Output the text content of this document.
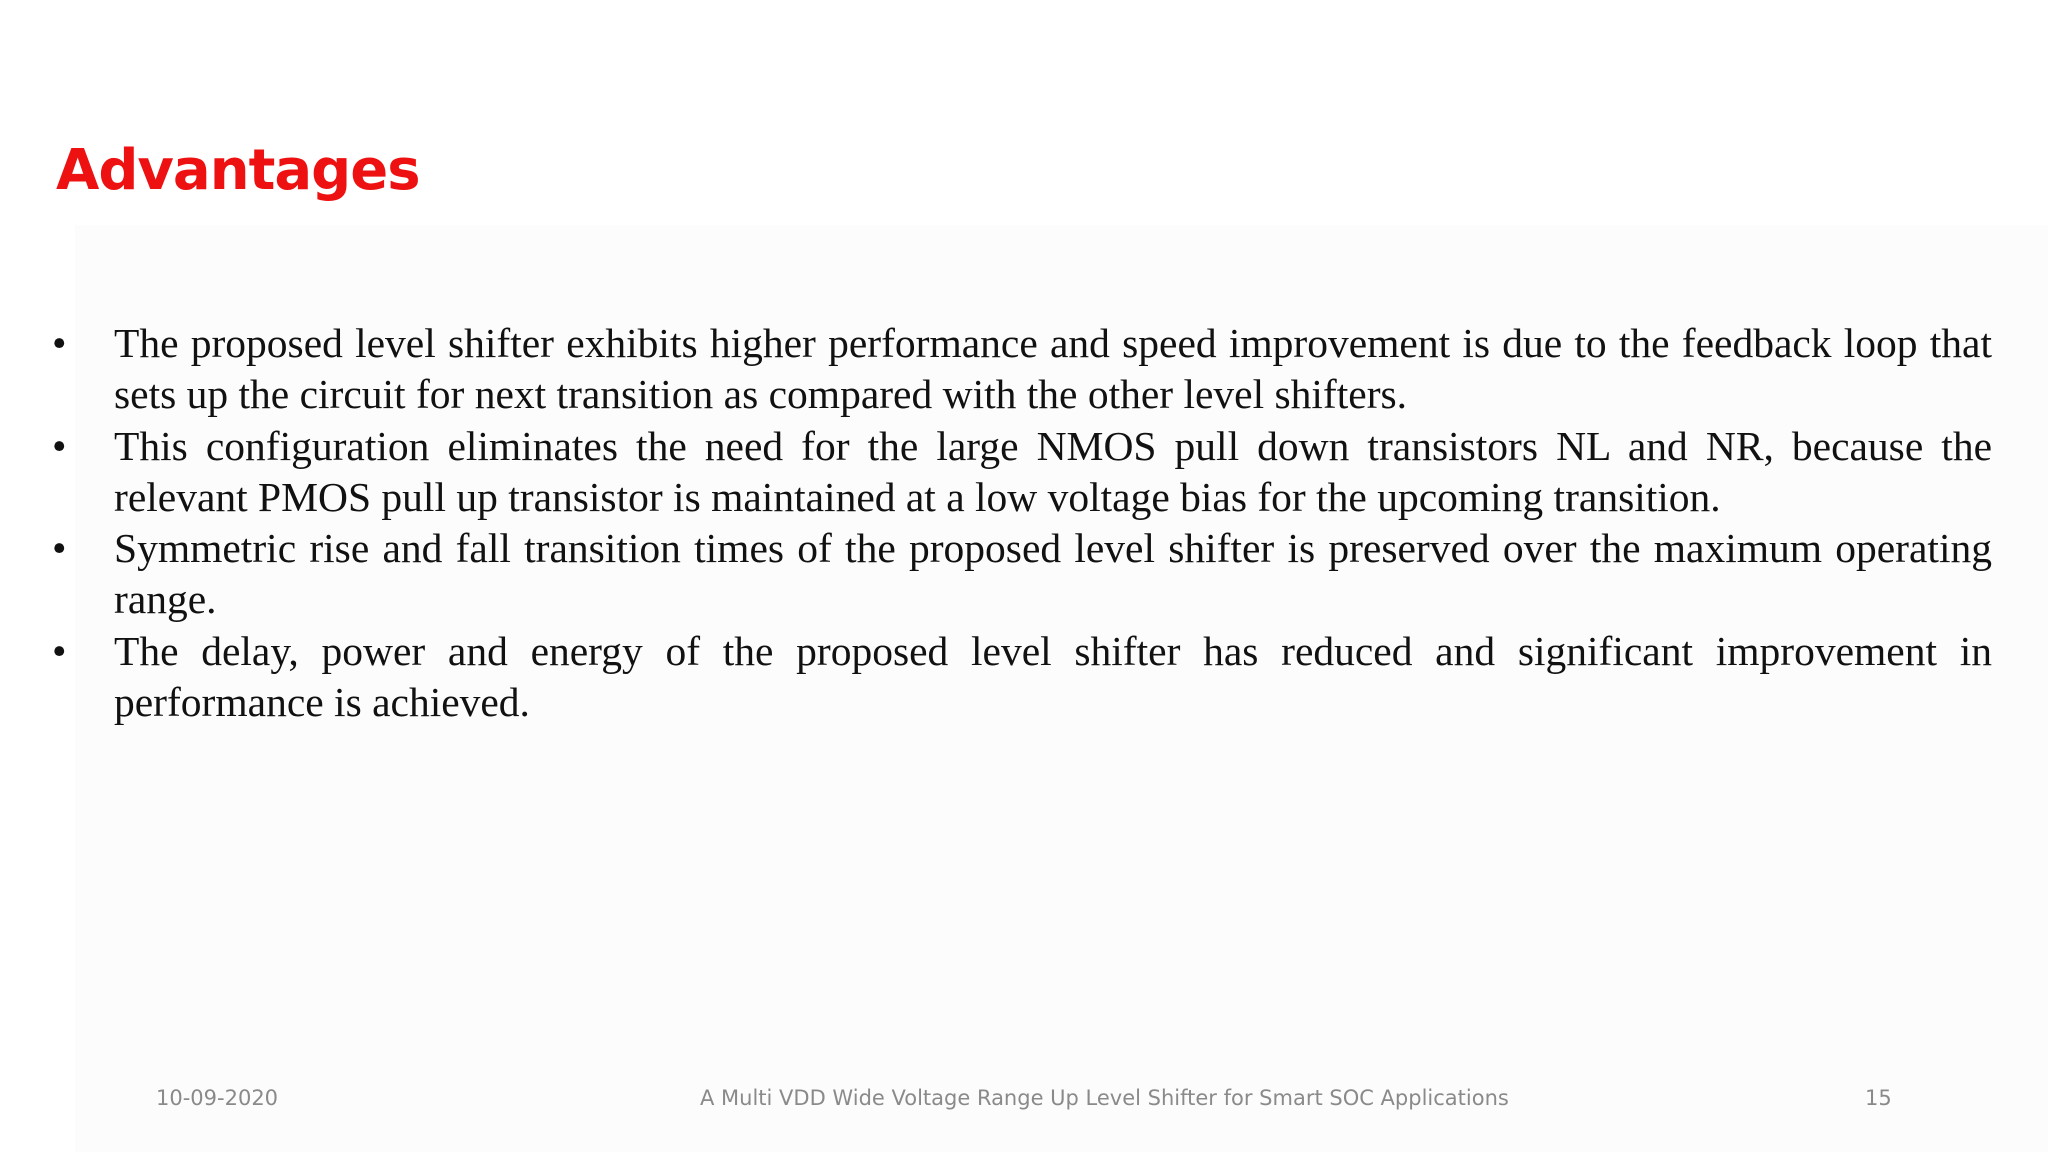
Advantages
• The proposed level shifter exhibits higher performance and speed improvement is due to the feedback loop that sets up the circuit for next transition as compared with the other level shifters.
• This configuration eliminates the need for the large NMOS pull down transistors NL and NR, because the relevant PMOS pull up transistor is maintained at a low voltage bias for the upcoming transition.
• Symmetric rise and fall transition times of the proposed level shifter is preserved over the maximum operating range.
• The delay, power and energy of the proposed level shifter has reduced and significant improvement in performance is achieved.
10-09-2020	A Multi VDD Wide Voltage Range Up Level Shifter for Smart SOC Applications	15
